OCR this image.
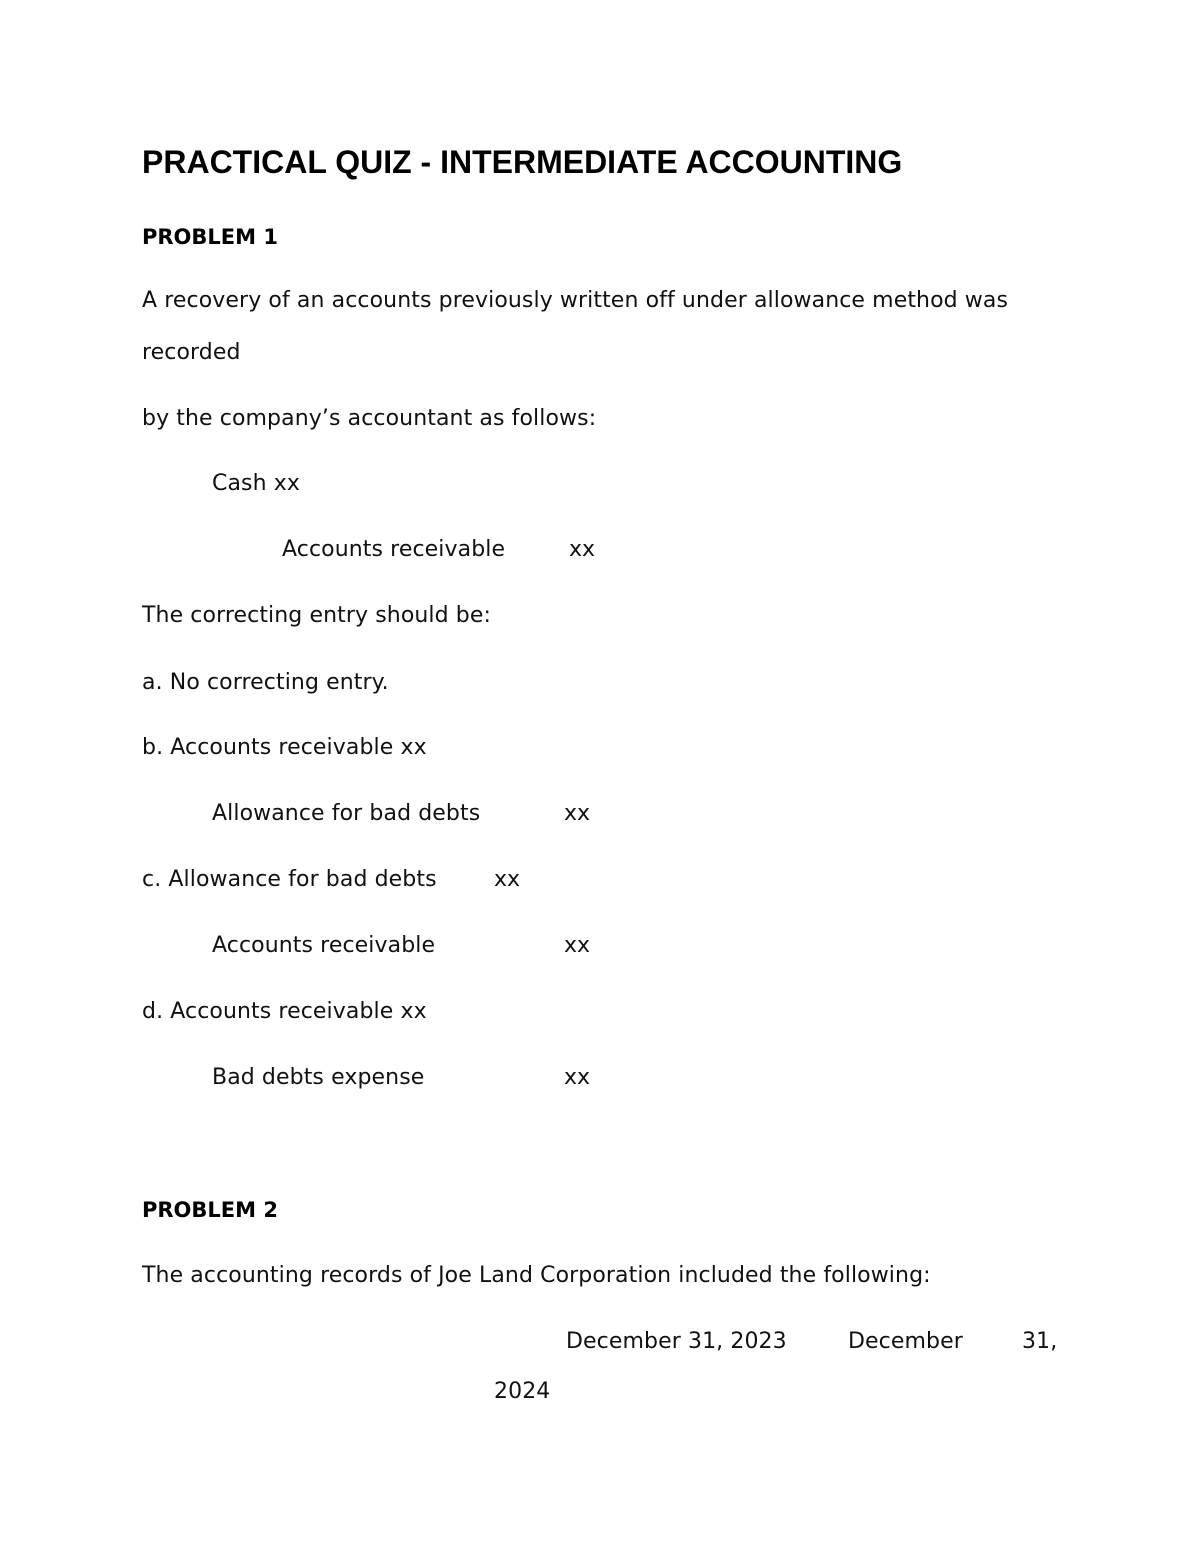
PRACTICAL QUIZ - INTERMEDIATE ACCOUNTING
PROBLEM 1
A recovery of an accounts previously written off under allowance method was
recorded
by the company’s accountant as follows:
Cash xx
Accounts receivable	xx
The correcting entry should be:
a. No correcting entry.
b. Accounts receivable xx
Allowance for bad debts	xx
c. Allowance for bad debts	xx
Accounts receivable	xx
d. Accounts receivable xx
Bad debts expense	xx
PROBLEM 2
The accounting records of Joe Land Corporation included the following:
December 31, 2023	December	31,
2024
